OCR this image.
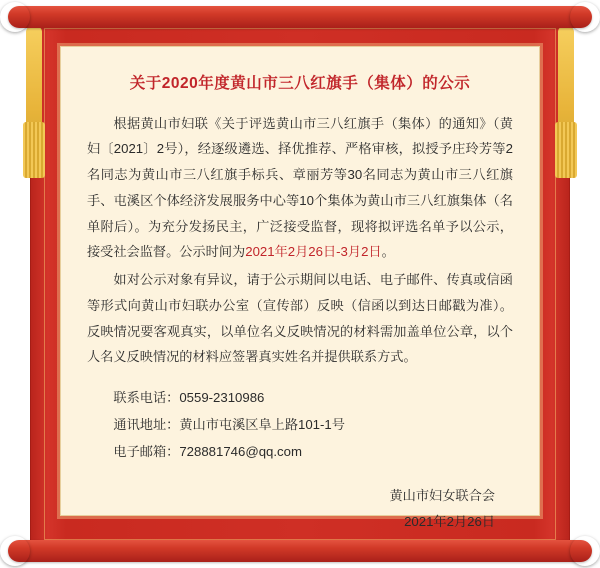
关于2020年度黄山市三八红旗手（集体）的公示

根据黄山市妇联《关于评选黄山市三八红旗手（集体）的通知》（黄妇〔2021〕2号），经逐级遴选、择优推荐、严格审核，拟授予庄玲芳等2名同志为黄山市三八红旗手标兵、章丽芳等30名同志为黄山市三八红旗手、屯溪区个体经济发展服务中心等10个集体为黄山市三八红旗集体（名单附后）。为充分发扬民主，广泛接受监督，现将拟评选名单予以公示，接受社会监督。公示时间为2021年2月26日-3月2日。

如对公示对象有异议，请于公示期间以电话、电子邮件、传真或信函等形式向黄山市妇联办公室（宣传部）反映（信函以到达日邮戳为准）。反映情况要客观真实，以单位名义反映情况的材料需加盖单位公章，以个人名义反映情况的材料应签署真实姓名并提供联系方式。

联系电话：0559-2310986
通讯地址：黄山市屯溪区阜上路101-1号
电子邮箱：728881746@qq.com
黄山市妇女联合会
2021年2月26日
